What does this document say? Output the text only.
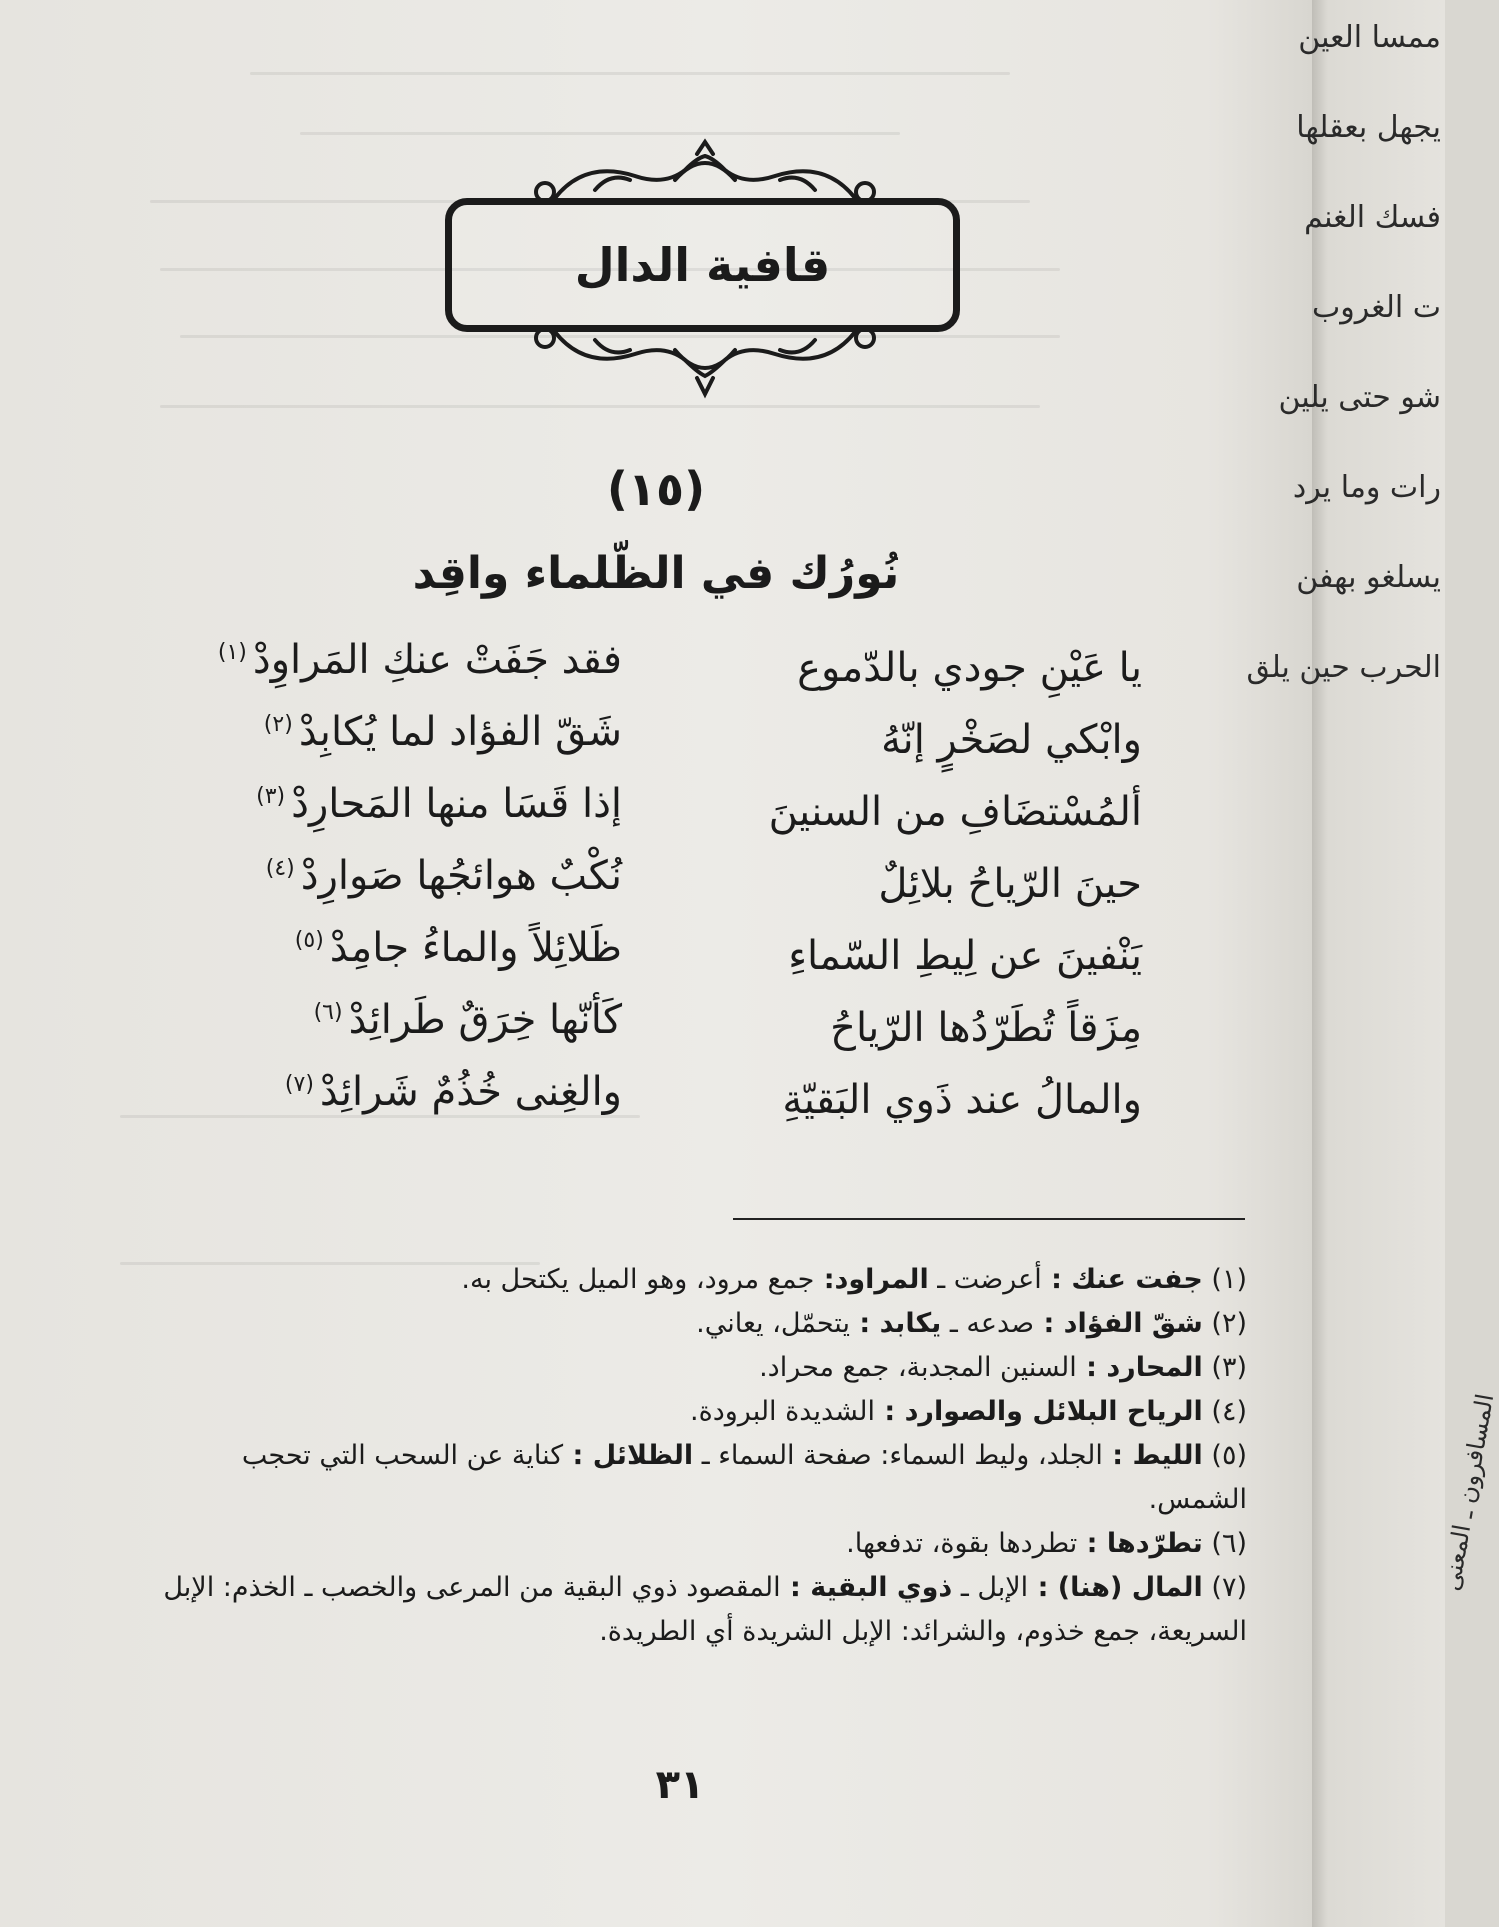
قافية الدال
(١٥)
نُورُك في الظّلماء واقِد
يا عَيْنِ جودي بالدّموع
فقد جَفَتْ عنكِ المَراوِدْ$^{(١)}$
وابْكي لصَخْرٍ إنّهُ
شَقّ الفؤاد لما يُكابِدْ$^{(٢)}$
ألمُسْتضَافِ من السنينَ
إذا قَسَا منها المَحارِدْ$^{(٣)}$
حينَ الرّياحُ بلائِلٌ
نُكْبٌ هوائجُها صَوارِدْ$^{(٤)}$
يَنْفينَ عن لِيطِ السّماءِ
ظَلائِلاً والماءُ جامِدْ$^{(٥)}$
مِزَقاً تُطَرّدُها الرّياحُ
كَأنّها خِرَقٌ طَرائِدْ$^{(٦)}$
والمالُ عند ذَوي البَقيّةِ
والغِنى خُذُمٌ شَرائِدْ$^{(٧)}$
(١) جفت عنك : أعرضت ـ المراود: جمع مرود، وهو الميل يكتحل به.
(٢) شقّ الفؤاد : صدعه ـ يكابد : يتحمّل، يعاني.
(٣) المحارد : السنين المجدبة، جمع محراد.
(٤) الرياح البلائل والصوارد : الشديدة البرودة.
(٥) الليط : الجلد، وليط السماء: صفحة السماء ـ الظلائل : كناية عن السحب التي تحجب
الشمس.
(٦) تطرّدها : تطردها بقوة، تدفعها.
(٧) المال (هنا) : الإبل ـ ذوي البقية : المقصود ذوي البقية من المرعى والخصب ـ الخذم: الإبل
السريعة، جمع خذوم، والشرائد: الإبل الشريدة أي الطريدة.
٣١
ممسا العين
يجهل بعقلها
فسك الغنم
ت الغروب
شو حتى يلين
رات وما يرد
يسلغو بهفن
الحرب حين يلق
المسافرون ـ المعنى
